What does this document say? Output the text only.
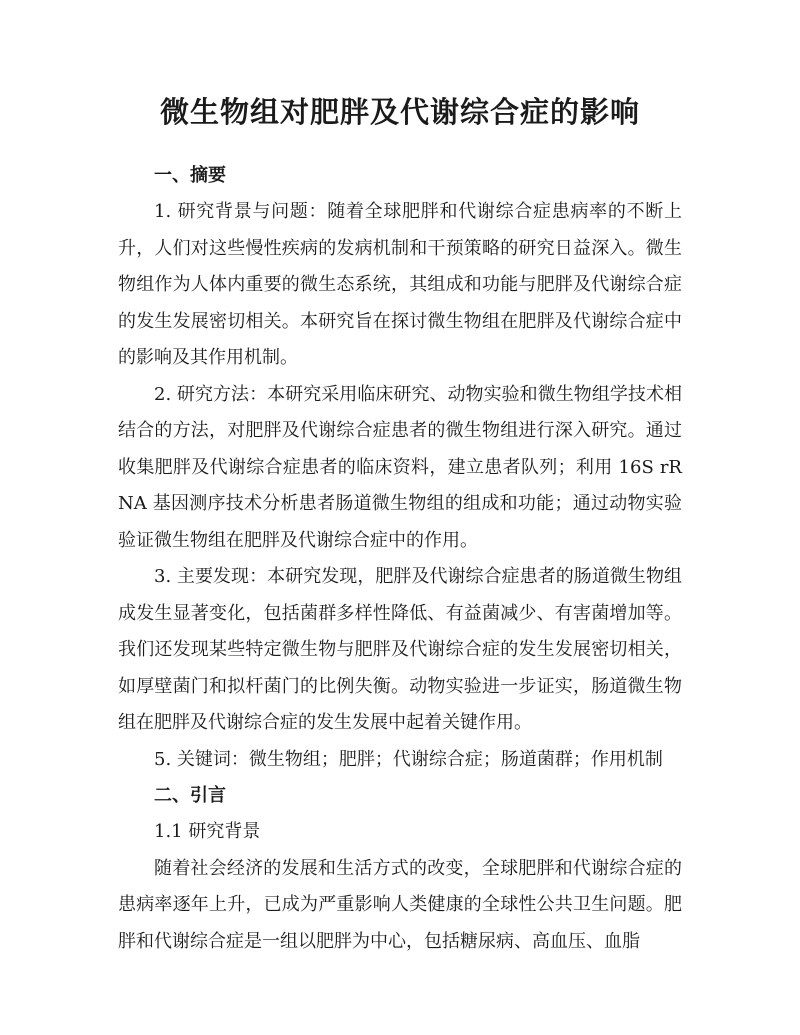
微生物组对肥胖及代谢综合症的影响
一、摘要

1. 研究背景与问题：随着全球肥胖和代谢综合症患病率的不断上升，人们对这些慢性疾病的发病机制和干预策略的研究日益深入。微生物组作为人体内重要的微生态系统，其组成和功能与肥胖及代谢综合症的发生发展密切相关。本研究旨在探讨微生物组在肥胖及代谢综合症中的影响及其作用机制。

2. 研究方法：本研究采用临床研究、动物实验和微生物组学技术相结合的方法，对肥胖及代谢综合症患者的微生物组进行深入研究。通过收集肥胖及代谢综合症患者的临床资料，建立患者队列；利用 16S rRNA 基因测序技术分析患者肠道微生物组的组成和功能；通过动物实验验证微生物组在肥胖及代谢综合症中的作用。

3. 主要发现：本研究发现，肥胖及代谢综合症患者的肠道微生物组成发生显著变化，包括菌群多样性降低、有益菌减少、有害菌增加等。我们还发现某些特定微生物与肥胖及代谢综合症的发生发展密切相关，如厚壁菌门和拟杆菌门的比例失衡。动物实验进一步证实，肠道微生物组在肥胖及代谢综合症的发生发展中起着关键作用。

5. 关键词：微生物组；肥胖；代谢综合症；肠道菌群；作用机制

二、引言

1.1 研究背景

随着社会经济的发展和生活方式的改变，全球肥胖和代谢综合症的患病率逐年上升，已成为严重影响人类健康的全球性公共卫生问题。肥胖和代谢综合症是一组以肥胖为中心，包括糖尿病、高血压、血脂
